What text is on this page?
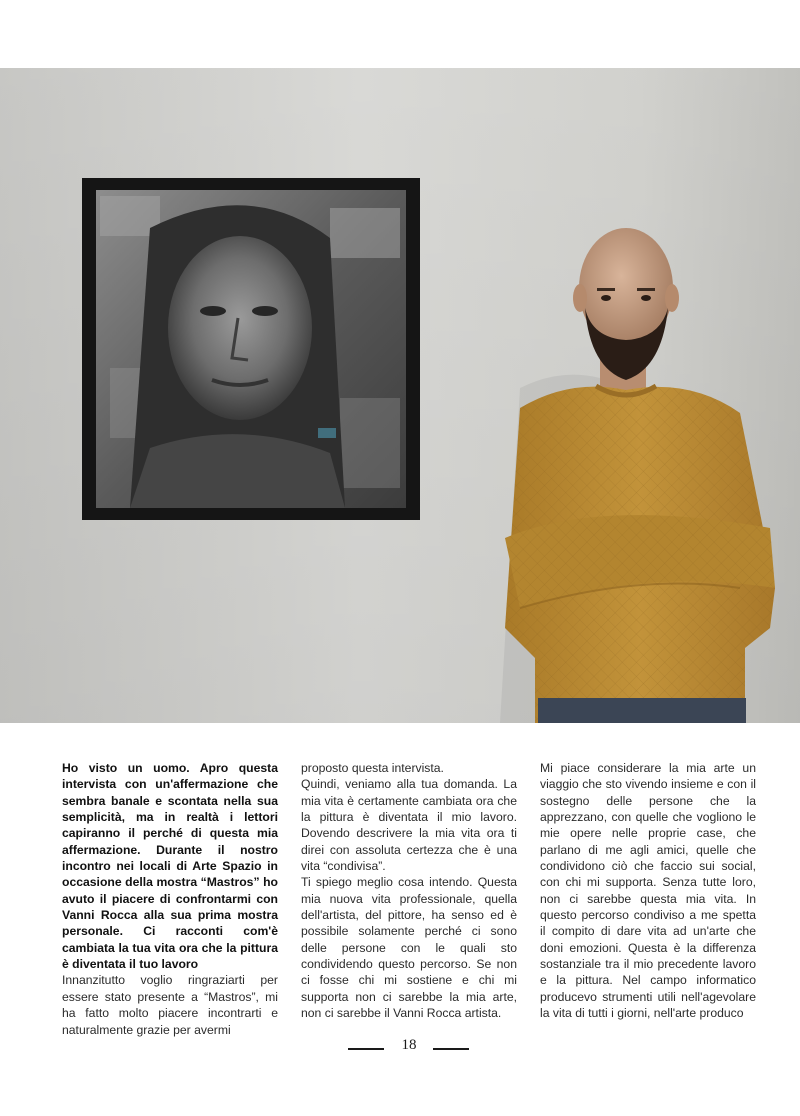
Ho visto un uomo. Apro questa intervista con un'affermazione che sembra banale e scontata nella sua semplicità, ma in realtà i lettori capiranno il perché di questa mia affermazione. Durante il nostro incontro nei locali di Arte Spazio in occasione della mostra “Mastros” ho avuto il piacere di confrontarmi con Vanni Rocca alla sua prima mostra personale. Ci racconti com'è cambiata la tua vita ora che la pittura è diventata il tuo lavoro

Innanzitutto voglio ringraziarti per essere stato presente a “Mastros”, mi ha fatto molto piacere incontrarti e naturalmente grazie per avermi

proposto questa intervista.

Quindi, veniamo alla tua domanda. La mia vita è certamente cambiata ora che la pittura è diventata il mio lavoro. Dovendo descrivere la mia vita ora ti direi con assoluta certezza che è una vita “condivisa”.

Ti spiego meglio cosa intendo. Questa mia nuova vita professionale, quella dell'artista, del pittore, ha senso ed è possibile solamente perché ci sono delle persone con le quali sto condividendo questo percorso. Se non ci fosse chi mi sostiene e chi mi supporta non ci sarebbe la mia arte, non ci sarebbe il Vanni Rocca artista.

Mi piace considerare la mia arte un viaggio che sto vivendo insieme e con il sostegno delle persone che la apprezzano, con quelle che vogliono le mie opere nelle proprie case, che parlano di me agli amici, quelle che condividono ciò che faccio sui social, con chi mi supporta. Senza tutte loro, non ci sarebbe questa mia vita. In questo percorso condiviso a me spetta il compito di dare vita ad un'arte che doni emozioni. Questa è la differenza sostanziale tra il mio precedente lavoro e la pittura. Nel campo informatico producevo strumenti utili nell'agevolare la vita di tutti i giorni, nell'arte produco

18
